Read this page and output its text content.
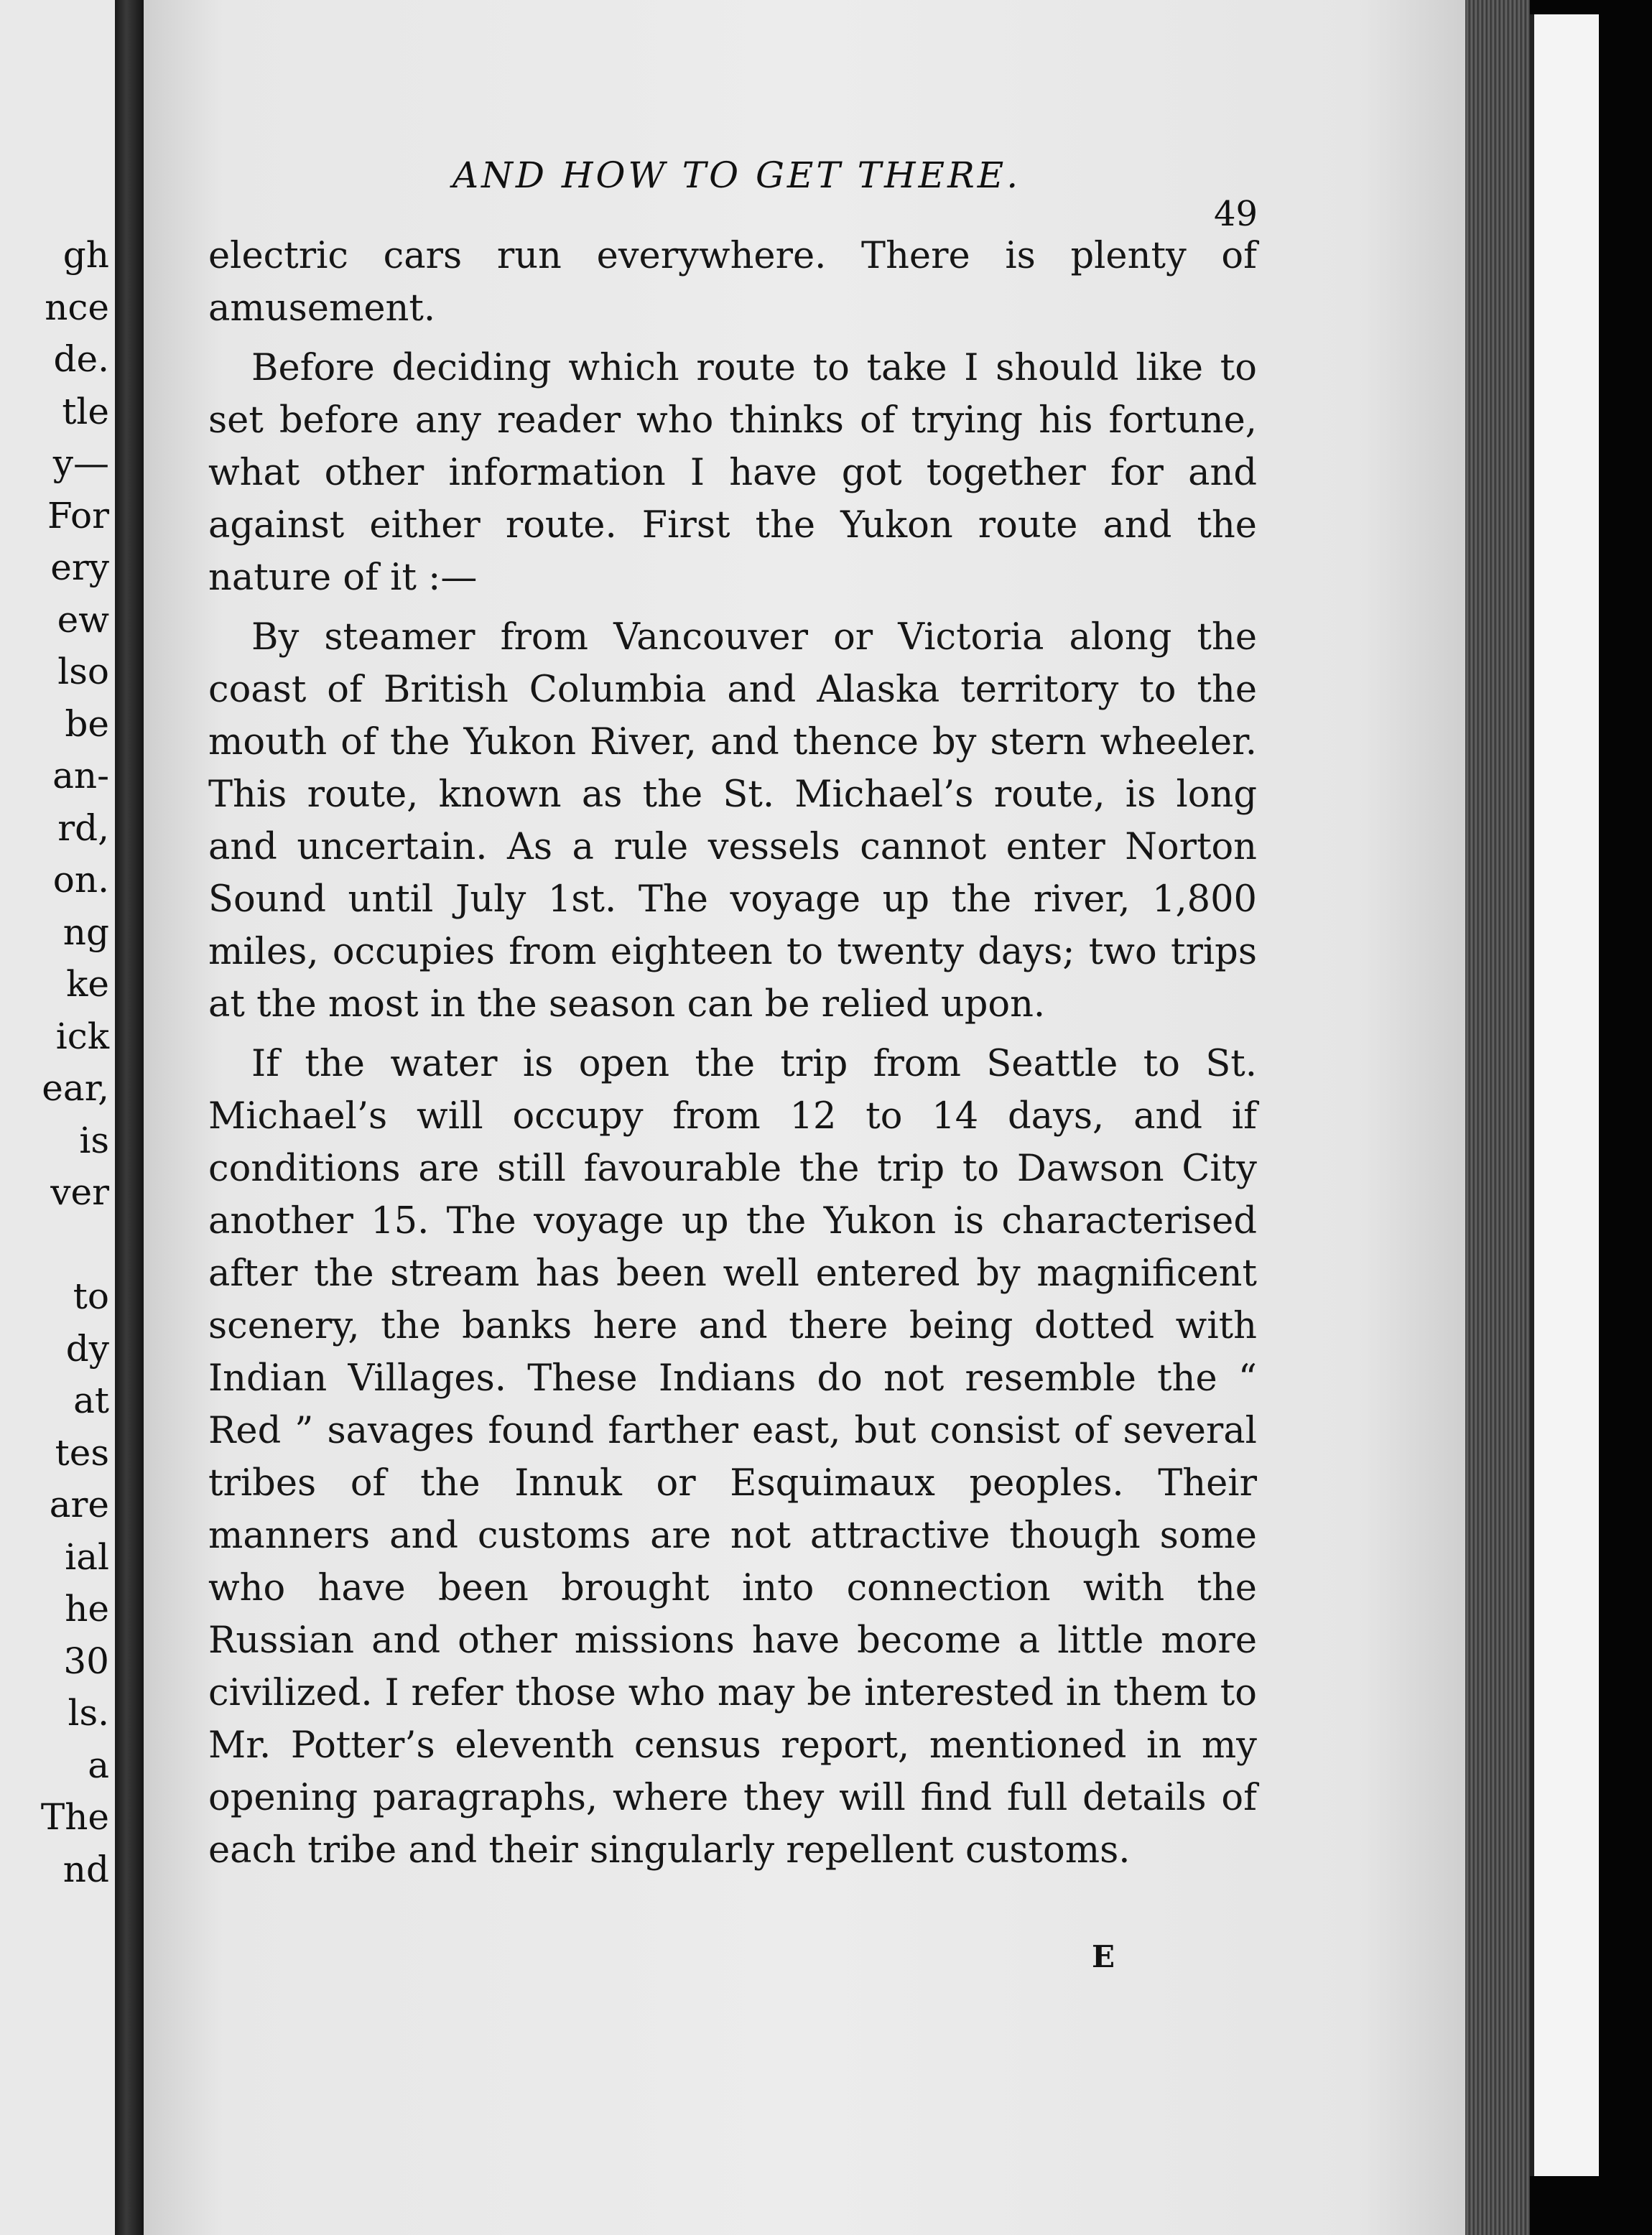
gh
nce
de.
tle
y—
For
ery
ew
lso
be
an-
rd,
on.
ng
ke
ick
ear,
is
ver
to
dy
at
tes
are
ial
he
30
ls.
a
The
nd
AND HOW TO GET THERE.
49

electric cars run everywhere. There is plenty of amusement.

Before deciding which route to take I should like to set before any reader who thinks of trying his fortune, what other information I have got together for and against either route. First the Yukon route and the nature of it :—

By steamer from Vancouver or Victoria along the coast of British Columbia and Alaska territory to the mouth of the Yukon River, and thence by stern wheeler. This route, known as the St. Michael’s route, is long and uncertain. As a rule vessels cannot enter Norton Sound until July 1st. The voyage up the river, 1,800 miles, occupies from eighteen to twenty days; two trips at the most in the season can be relied upon.

If the water is open the trip from Seattle to St. Michael’s will occupy from 12 to 14 days, and if conditions are still favourable the trip to Dawson City another 15. The voyage up the Yukon is characterised after the stream has been well entered by magnificent scenery, the banks here and there being dotted with Indian Villages. These Indians do not resemble the “ Red ” savages found farther east, but consist of several tribes of the Innuk or Esquimaux peoples. Their manners and customs are not attractive though some who have been brought into connection with the Russian and other missions have become a little more civilized. I refer those who may be interested in them to Mr. Potter’s eleventh census report, mentioned in my opening paragraphs, where they will find full details of each tribe and their singularly repellent customs.

E
